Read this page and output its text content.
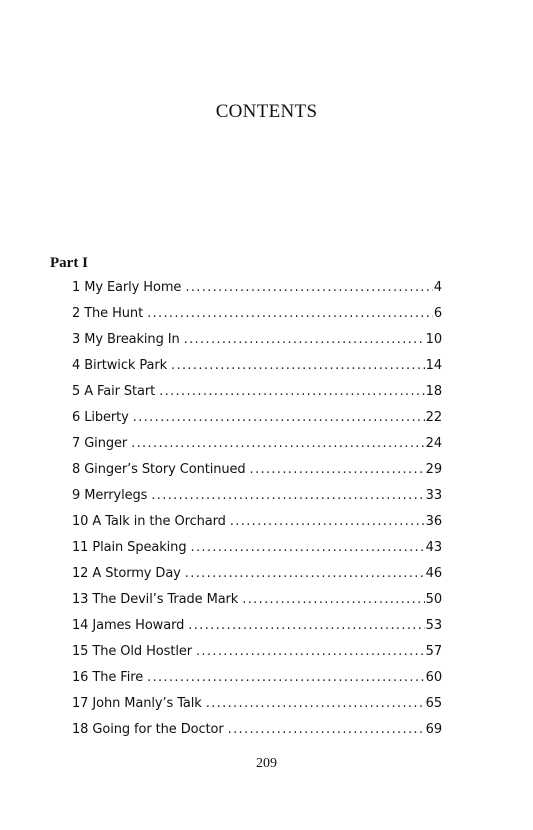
CONTENTS
Part I
1 My Early Home . . .	4
2 The Hunt . . .	6
3 My Breaking In . . .	10
4 Birtwick Park . . .	14
5 A Fair Start . . .	18
6 Liberty . . .	22
7 Ginger . . .	24
8 Ginger’s Story Continued . . .	29
9 Merrylegs . . .	33
10 A Talk in the Orchard . . .	36
11 Plain Speaking . . .	43
12 A Stormy Day . . .	46
13 The Devil’s Trade Mark . . .	50
14 James Howard . . .	53
15 The Old Hostler . . .	57
16 The Fire . . .	60
17 John Manly’s Talk . . .	65
18 Going for the Doctor . . .	69
209
